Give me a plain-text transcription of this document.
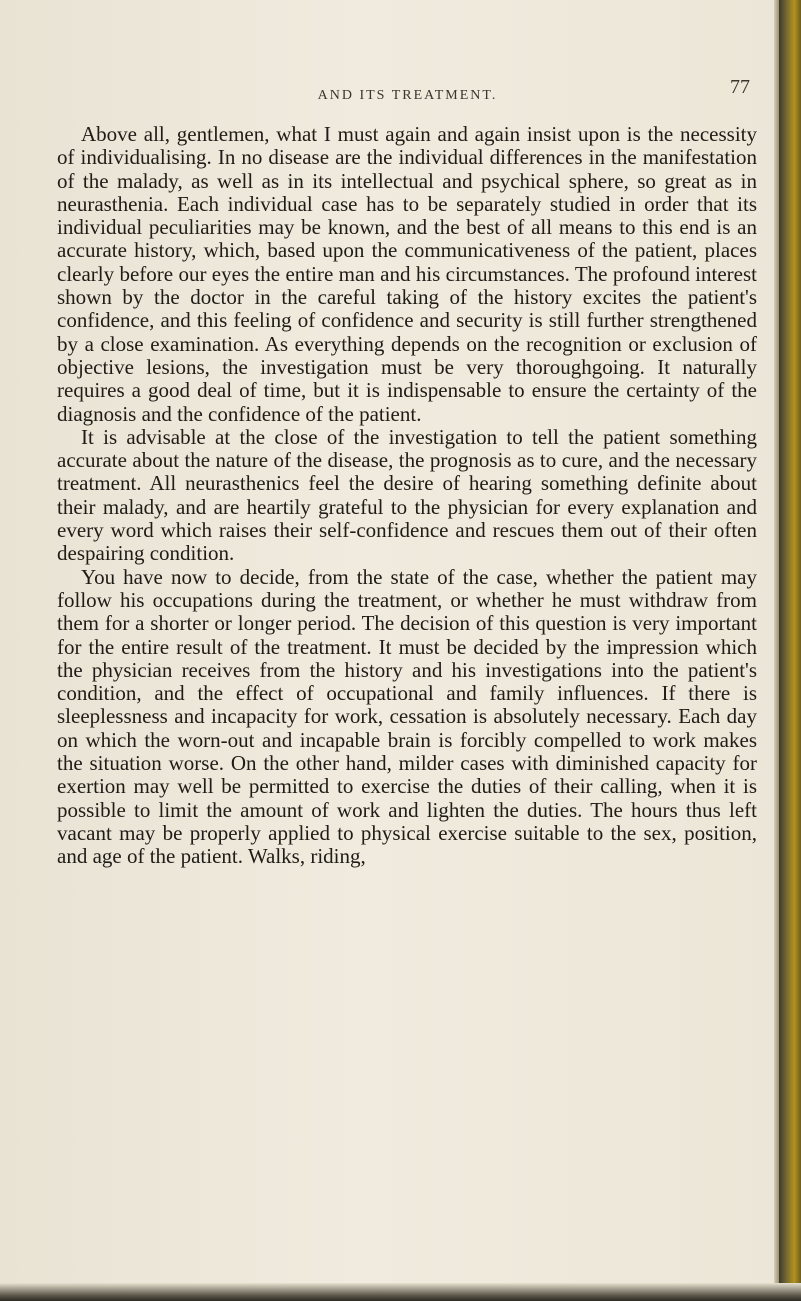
AND ITS TREATMENT.	77

Above all, gentlemen, what I must again and again insist upon is the necessity of individualising. In no disease are the individual differences in the manifestation of the malady, as well as in its intellectual and psychical sphere, so great as in neurasthenia. Each individual case has to be separately studied in order that its individual peculiarities may be known, and the best of all means to this end is an accurate history, which, based upon the communicativeness of the patient, places clearly before our eyes the entire man and his circumstances. The profound interest shown by the doctor in the careful taking of the history excites the patient's confidence, and this feeling of confidence and security is still further strengthened by a close examination. As everything depends on the recognition or exclusion of objective lesions, the investigation must be very thoroughgoing. It naturally requires a good deal of time, but it is indispensable to ensure the certainty of the diagnosis and the confidence of the patient.

It is advisable at the close of the investigation to tell the patient something accurate about the nature of the disease, the prognosis as to cure, and the necessary treatment. All neurasthenics feel the desire of hearing something definite about their malady, and are heartily grateful to the physician for every explanation and every word which raises their self-confidence and rescues them out of their often despairing condition.

You have now to decide, from the state of the case, whether the patient may follow his occupations during the treatment, or whether he must withdraw from them for a shorter or longer period. The decision of this question is very important for the entire result of the treatment. It must be decided by the impression which the physician receives from the history and his investigations into the patient's condition, and the effect of occupational and family influences. If there is sleeplessness and incapacity for work, cessation is absolutely necessary. Each day on which the worn-out and incapable brain is forcibly compelled to work makes the situation worse. On the other hand, milder cases with diminished capacity for exertion may well be permitted to exercise the duties of their calling, when it is possible to limit the amount of work and lighten the duties. The hours thus left vacant may be properly applied to physical exercise suitable to the sex, position, and age of the patient. Walks, riding,
